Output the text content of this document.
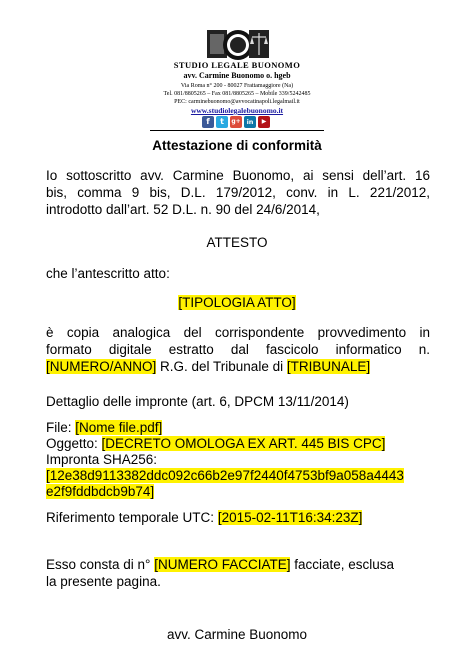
STUDIO LEGALE BUONOMO
avv. Carmine Buonomo o. hgeb
Via Roma n° 200 - 80027 Frattamaggiore (Na)
Tel. 081/8805265 – Fax 081/8805265 – Mobile 339/5242485
PEC: carminebuonomo@avvocatinapoli.legalmail.it
www.studiolegalebuonomo.it
f	t	g+ in	▶
Attestazione di conformità
Io sottoscritto avv. Carmine Buonomo, ai sensi dell’art. 16
bis, comma 9 bis, D.L. 179/2012, conv. in L. 221/2012,
introdotto dall’art. 52 D.L. n. 90 del 24/6/2014,
ATTESTO
che l’antescritto atto:
[TIPOLOGIA ATTO]
è copia analogica del corrispondente provvedimento in
formato digitale estratto dal fascicolo informatico n.
[NUMERO/ANNO] R.G. del Tribunale di [TRIBUNALE]
Dettaglio delle impronte (art. 6, DPCM 13/11/2014)
File: [Nome file.pdf]
Oggetto: [DECRETO OMOLOGA EX ART. 445 BIS CPC]
Impronta SHA256:
[12e38d9113382ddc092c66b2e97f2440f4753bf9a058a4443
e2f9fddbdcb9b74]
Riferimento temporale UTC: [2015-02-11T16:34:23Z]
Esso consta di n° [NUMERO FACCIATE] facciate, esclusa
la presente pagina.
avv. Carmine Buonomo
